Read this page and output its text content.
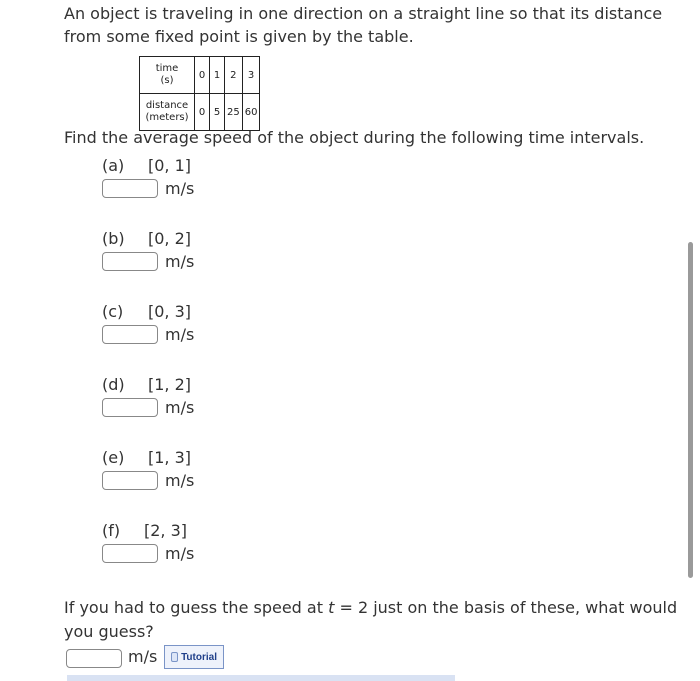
An object is traveling in one direction on a straight line so that its distance from some fixed point is given by the table.

time
(s)	0	1	2	3
distance
(meters)	0	5	25	60

Find the average speed of the object during the following time intervals.

(a) [0, 1]
m/s
(b) [0, 2]
m/s
(c) [0, 3]
m/s
(d) [1, 2]
m/s
(e) [1, 3]
m/s
(f) [2, 3]
m/s

If you had to guess the speed at t = 2 just on the basis of these, what would you guess?

m/s Tutorial
